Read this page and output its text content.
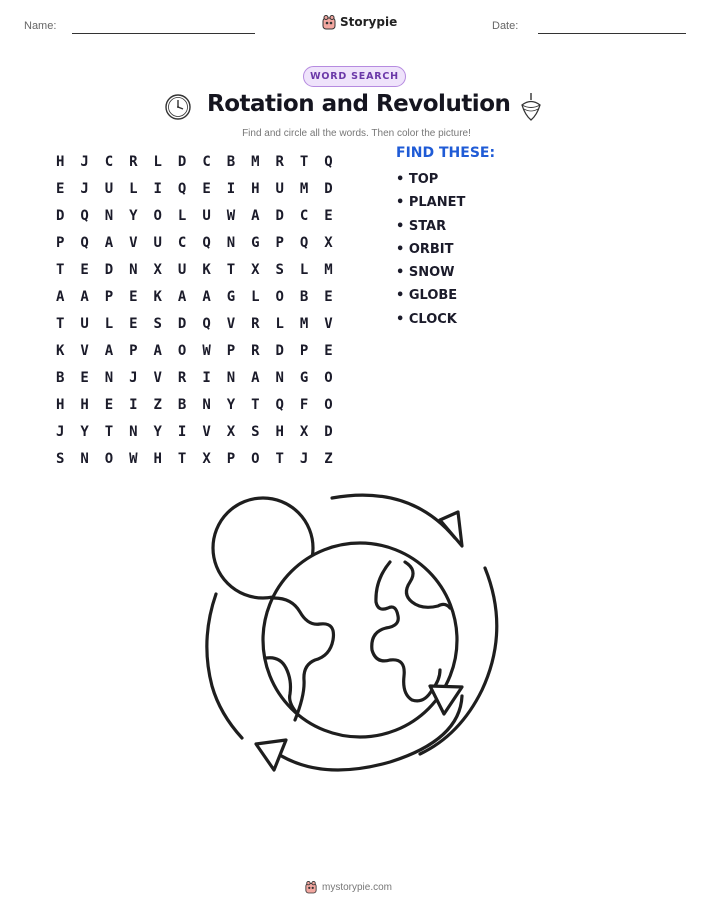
Name:	Storypie	Date:
WORD SEARCH
Rotation and Revolution
Find and circle all the words. Then color the picture!
H	J	C	R	L	D	C	B	M	R	T	Q
E	J	U	L	I	Q	E	I	H	U	M	D
D	Q	N	Y	O	L	U	W	A	D	C	E
P	Q	A	V	U	C	Q	N	G	P	Q	X
T	E	D	N	X	U	K	T	X	S	L	M
A	A	P	E	K	A	A	G	L	O	B	E
T	U	L	E	S	D	Q	V	R	L	M	V
K	V	A	P	A	O	W	P	R	D	P	E
B	E	N	J	V	R	I	N	A	N	G	O
H	H	E	I	Z	B	N	Y	T	Q	F	O
J	Y	T	N	Y	I	V	X	S	H	X	D
S	N	O	W	H	T	X	P	O	T	J	Z
FIND THESE:
• TOP
• PLANET
• STAR
• ORBIT
• SNOW
• GLOBE
• CLOCK
mystorypie.com
